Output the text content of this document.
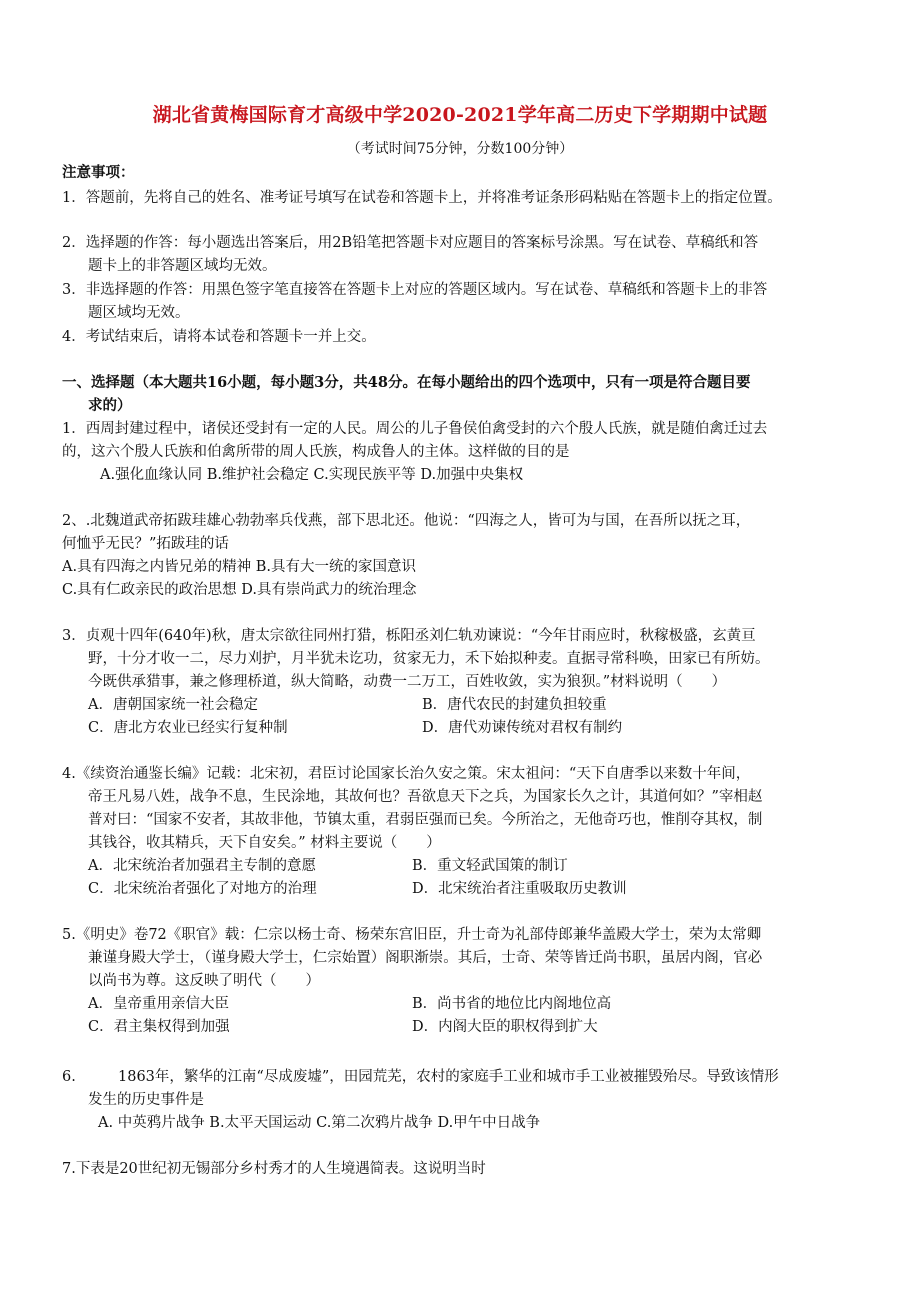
湖北省黄梅国际育才高级中学2020-2021学年高二历史下学期期中试题
（考试时间75分钟，分数100分钟）
注意事项：
1．答题前，先将自己的姓名、准考证号填写在试卷和答题卡上，并将准考证条形码粘贴在答题卡上的指定位置。
2．选择题的作答：每小题选出答案后，用2B铅笔把答题卡对应题目的答案标号涂黑。写在试卷、草稿纸和答
题卡上的非答题区域均无效。
3．非选择题的作答：用黑色签字笔直接答在答题卡上对应的答题区域内。写在试卷、草稿纸和答题卡上的非答
题区域均无效。
4．考试结束后，请将本试卷和答题卡一并上交。
一、选择题（本大题共16小题，每小题3分，共48分。在每小题给出的四个选项中，只有一项是符合题目要
求的）
1．西周封建过程中，诸侯还受封有一定的人民。周公的儿子鲁侯伯禽受封的六个殷人氏族，就是随伯禽迁过去
的，这六个殷人氏族和伯禽所带的周人氏族，构成鲁人的主体。这样做的目的是
A.强化血缘认同 B.维护社会稳定 C.实现民族平等 D.加强中央集权
2、.北魏道武帝拓跋珪雄心勃勃率兵伐燕，部下思北还。他说：“四海之人，皆可为与国，在吾所以抚之耳，
何恤乎无民？”拓跋珪的话
A.具有四海之内皆兄弟的精神 B.具有大一统的家国意识
C.具有仁政亲民的政治思想 D.具有崇尚武力的统治理念
3．贞观十四年(640年)秋，唐太宗欲往同州打猎，栎阳丞刘仁轨劝谏说：“今年甘雨应时，秋稼极盛，玄黄亘
野，十分才收一二，尽力刈护，月半犹未讫功，贫家无力，禾下始拟种麦。直据寻常科唤，田家已有所妨。
今既供承猎事，兼之修理桥道，纵大简略，动费一二万工，百姓收敛，实为狼狈。”材料说明（　　）
A．唐朝国家统一社会稳定	B．唐代农民的封建负担较重
C．唐北方农业已经实行复种制	D．唐代劝谏传统对君权有制约
4.《续资治通鉴长编》记载：北宋初，君臣讨论国家长治久安之策。宋太祖问：“天下自唐季以来数十年间，
帝王凡易八姓，战争不息，生民涂地，其故何也？吾欲息天下之兵，为国家长久之计，其道何如？”宰相赵
普对曰：“国家不安者，其故非他，节镇太重，君弱臣强而已矣。今所治之，无他奇巧也，惟削夺其权，制
其钱谷，收其精兵，天下自安矣。” 材料主要说（　　）
A．北宋统治者加强君主专制的意愿	B．重文轻武国策的制订
C．北宋统治者强化了对地方的治理	D．北宋统治者注重吸取历史教训
5.《明史》卷72《职官》载：仁宗以杨士奇、杨荣东宫旧臣，升士奇为礼部侍郎兼华盖殿大学士，荣为太常卿
兼谨身殿大学士，（谨身殿大学士，仁宗始置）阁职渐崇。其后，士奇、荣等皆迁尚书职，虽居内阁，官必
以尚书为尊。这反映了明代（　　）
A．皇帝重用亲信大臣	B．尚书省的地位比内阁地位高
C．君主集权得到加强	D．内阁大臣的职权得到扩大
6.	1863年，繁华的江南“尽成废墟”，田园荒芜，农村的家庭手工业和城市手工业被摧毁殆尽。导致该情形
发生的历史事件是
A. 中英鸦片战争 B.太平天国运动 C.第二次鸦片战争 D.甲午中日战争
7.下表是20世纪初无锡部分乡村秀才的人生境遇简表。这说明当时
